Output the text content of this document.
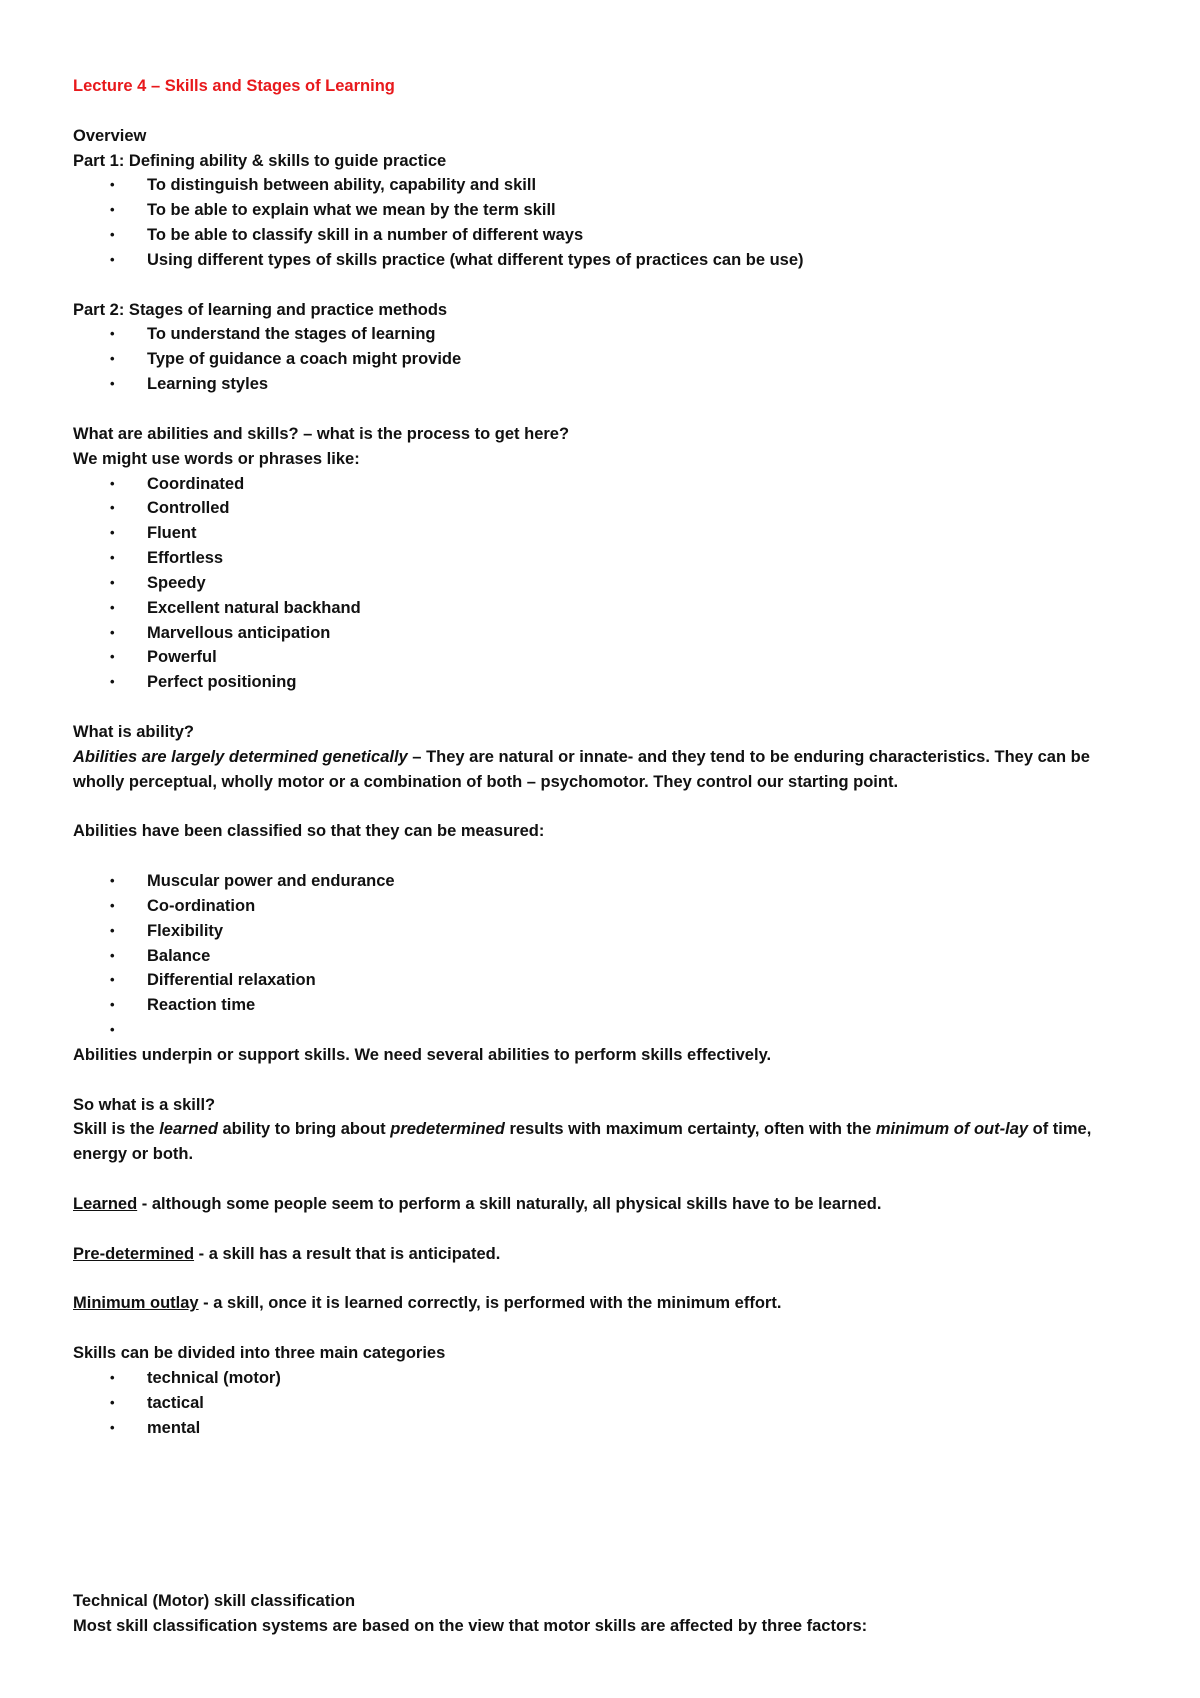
Lecture 4 – Skills and Stages of Learning
Overview
Part 1: Defining ability & skills to guide practice
•	To distinguish between ability, capability and skill
•	To be able to explain what we mean by the term skill
•	To be able to classify skill in a number of different ways
•	Using different types of skills practice (what different types of practices can be use)
Part 2: Stages of learning and practice methods
•	To understand the stages of learning
•	Type of guidance a coach might provide
•	Learning styles
What are abilities and skills? – what is the process to get here?
We might use words or phrases like:
•	Coordinated
•	Controlled
•	Fluent
•	Effortless
•	Speedy
•	Excellent natural backhand
•	Marvellous anticipation
•	Powerful
•	Perfect positioning
What is ability?

Abilities are largely determined genetically – They are natural or innate- and they tend to be enduring characteristics. They can be wholly perceptual, wholly motor or a combination of both – psychomotor. They control our starting point.

Abilities have been classified so that they can be measured:
•	Muscular power and endurance
•	Co-ordination
•	Flexibility
•	Balance
•	Differential relaxation
•	Reaction time
•
Abilities underpin or support skills. We need several abilities to perform skills effectively.
So what is a skill?

Skill is the learned ability to bring about predetermined results with maximum certainty, often with the minimum of out-lay of time, energy or both.

Learned - although some people seem to perform a skill naturally, all physical skills have to be learned.
Pre-determined - a skill has a result that is anticipated.
Minimum outlay - a skill, once it is learned correctly, is performed with the minimum effort.
Skills can be divided into three main categories
•	technical (motor)
•	tactical
•	mental
Technical (Motor) skill classification
Most skill classification systems are based on the view that motor skills are affected by three factors:
